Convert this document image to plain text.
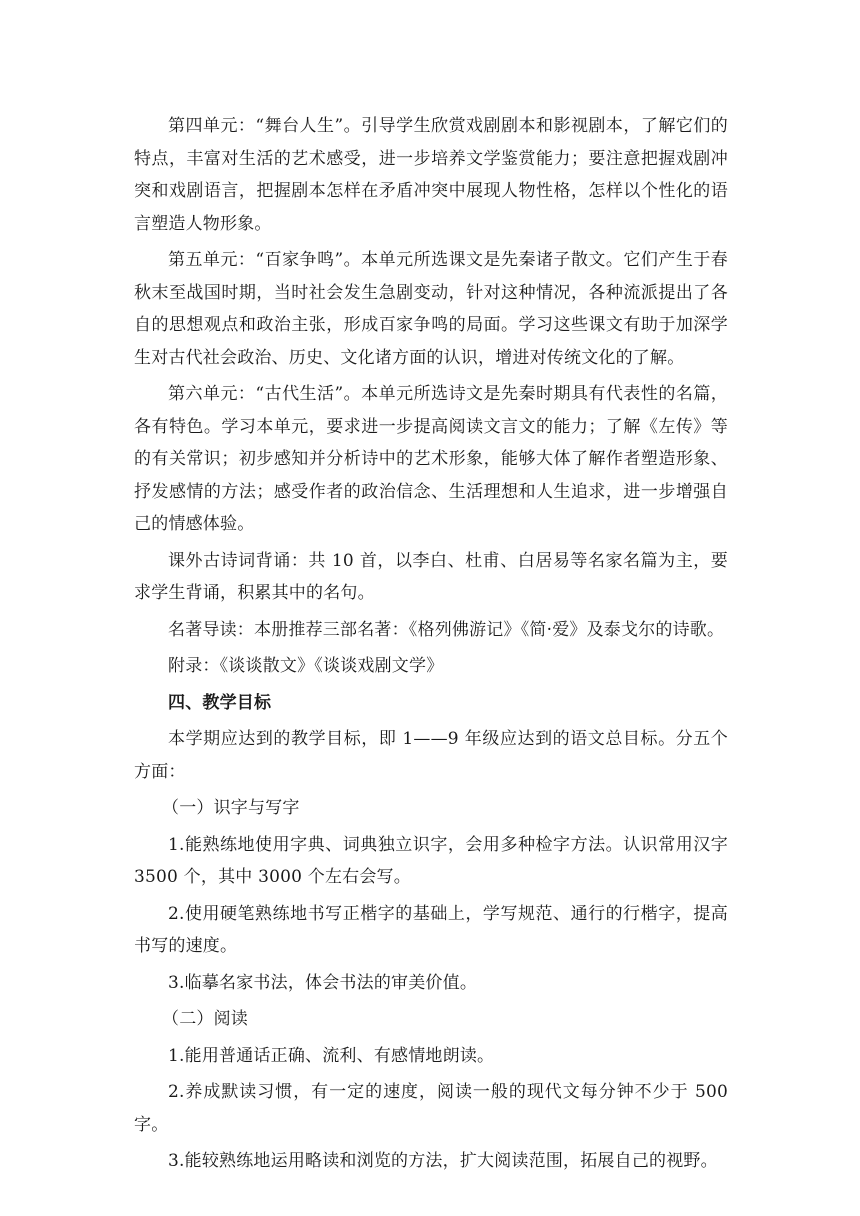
第四单元：“舞台人生”。引导学生欣赏戏剧剧本和影视剧本，了解它们的特点，丰富对生活的艺术感受，进一步培养文学鉴赏能力；要注意把握戏剧冲突和戏剧语言，把握剧本怎样在矛盾冲突中展现人物性格，怎样以个性化的语言塑造人物形象。

第五单元：“百家争鸣”。本单元所选课文是先秦诸子散文。它们产生于春秋末至战国时期，当时社会发生急剧变动，针对这种情况，各种流派提出了各自的思想观点和政治主张，形成百家争鸣的局面。学习这些课文有助于加深学生对古代社会政治、历史、文化诸方面的认识，增进对传统文化的了解。

第六单元：“古代生活”。本单元所选诗文是先秦时期具有代表性的名篇，各有特色。学习本单元，要求进一步提高阅读文言文的能力；了解《左传》等的有关常识；初步感知并分析诗中的艺术形象，能够大体了解作者塑造形象、抒发感情的方法；感受作者的政治信念、生活理想和人生追求，进一步增强自己的情感体验。

课外古诗词背诵：共 10 首，以李白、杜甫、白居易等名家名篇为主，要求学生背诵，积累其中的名句。

名著导读：本册推荐三部名著：《格列佛游记》《简·爱》及泰戈尔的诗歌。

附录：《谈谈散文》《谈谈戏剧文学》

四、教学目标

本学期应达到的教学目标，即 1——9 年级应达到的语文总目标。分五个方面：

（一）识字与写字

1.能熟练地使用字典、词典独立识字，会用多种检字方法。认识常用汉字 3500 个，其中 3000 个左右会写。

2.使用硬笔熟练地书写正楷字的基础上，学写规范、通行的行楷字，提高书写的速度。

3.临摹名家书法，体会书法的审美价值。

（二）阅读

1.能用普通话正确、流利、有感情地朗读。

2.养成默读习惯，有一定的速度，阅读一般的现代文每分钟不少于 500 字。

3.能较熟练地运用略读和浏览的方法，扩大阅读范围，拓展自己的视野。
